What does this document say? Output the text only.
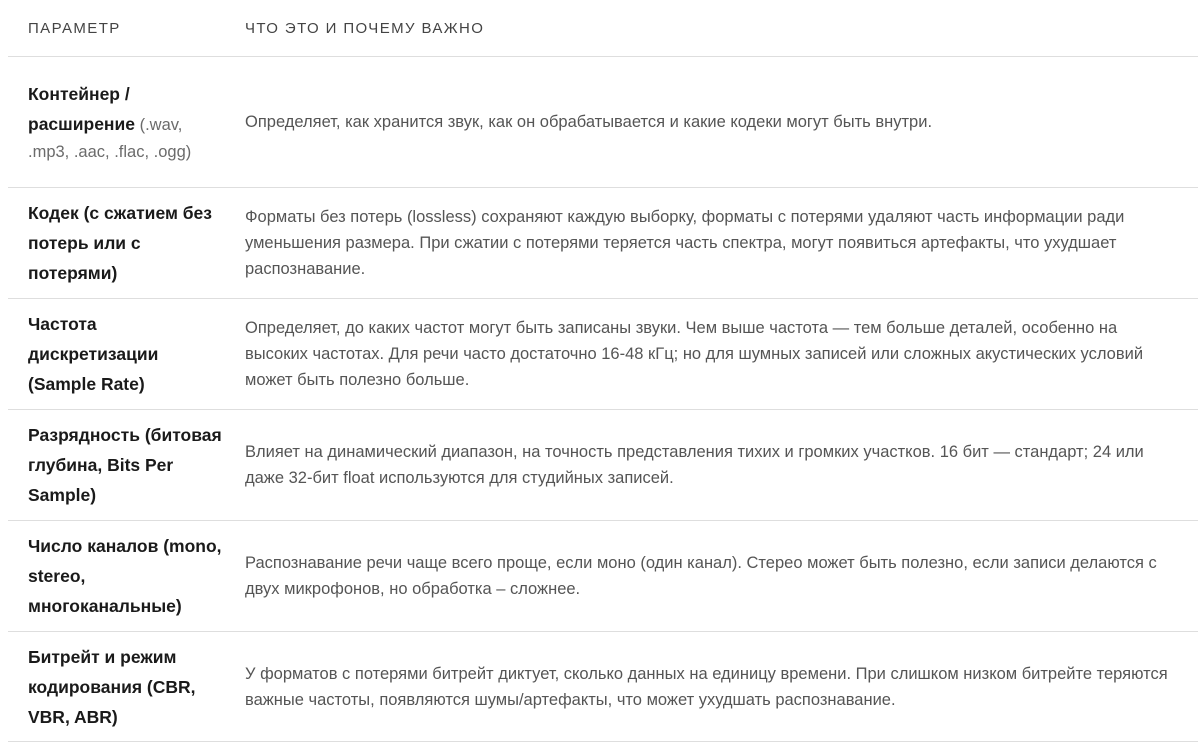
ПАРАМЕТР	ЧТО ЭТО И ПОЧЕМУ ВАЖНО
Контейнер / расширение (.wav, .mp3, .aac, .flac, .ogg)
Определяет, как хранится звук, как он обрабатывается и какие кодеки могут быть внутри.
Кодек (с сжатием без потерь или с потерями)
Форматы без потерь (lossless) сохраняют каждую выборку, форматы с потерями удаляют часть информации ради уменьшения размера. При сжатии с потерями теряется часть спектра, могут появиться артефакты, что ухудшает распознавание.
Частота дискретизации (Sample Rate)
Определяет, до каких частот могут быть записаны звуки. Чем выше частота — тем больше деталей, особенно на высоких частотах. Для речи часто достаточно 16-48 кГц; но для шумных записей или сложных акустических условий может быть полезно больше.
Разрядность (битовая глубина, Bits Per Sample)
Влияет на динамический диапазон, на точность представления тихих и громких участков. 16 бит — стандарт; 24 или даже 32-бит float используются для студийных записей.
Число каналов (mono, stereo, многоканальные)
Распознавание речи чаще всего проще, если моно (один канал). Стерео может быть полезно, если записи делаются с двух микрофонов, но обработка – сложнее.
Битрейт и режим кодирования (CBR, VBR, ABR)
У форматов с потерями битрейт диктует, сколько данных на единицу времени. При слишком низком битрейте теряются важные частоты, появляются шумы/артефакты, что может ухудшать распознавание.
